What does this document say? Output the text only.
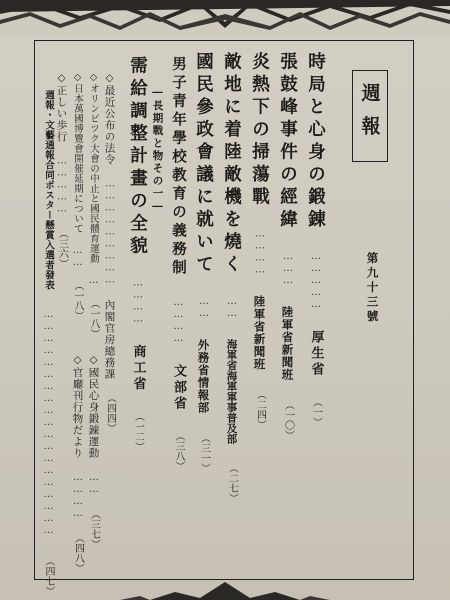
週報
第九十三號
時局と心身の鍛錬 …………… 厚生省 （一）
張鼓峰事件の經緯 ……… 陸軍省新聞班 （一〇）
炎熱下の掃蕩戰 ………… 陸軍省新聞班 （二四）
敵地に着陸敵機を燒く …… 海軍省海軍軍事普及部 （二七）
國民參政會議に就いて …… 外務省情報部 （三一）
男子青年學校教育の義務制 ………… 文部省 （三八）
―長期戰と物その一―
需給調整計畫の全貌 ………… 商工省 （一二）
◇最近公布の法令 ……………………… 內閣官房總務課 （四四）
◇オリンピツク大會の中止と國民體育運動 … （一八）
◇國民心身鍛錬運動 …… （三七）
◇日本萬國博覽會開催延期について …… （一八）
◇官廳刊行物だより ………… （四八）
◇正しい歩行 …………… （三六）
週報・文藝通報合同ポスター懸賞入選者發表 ………………………………………………… （四七）
